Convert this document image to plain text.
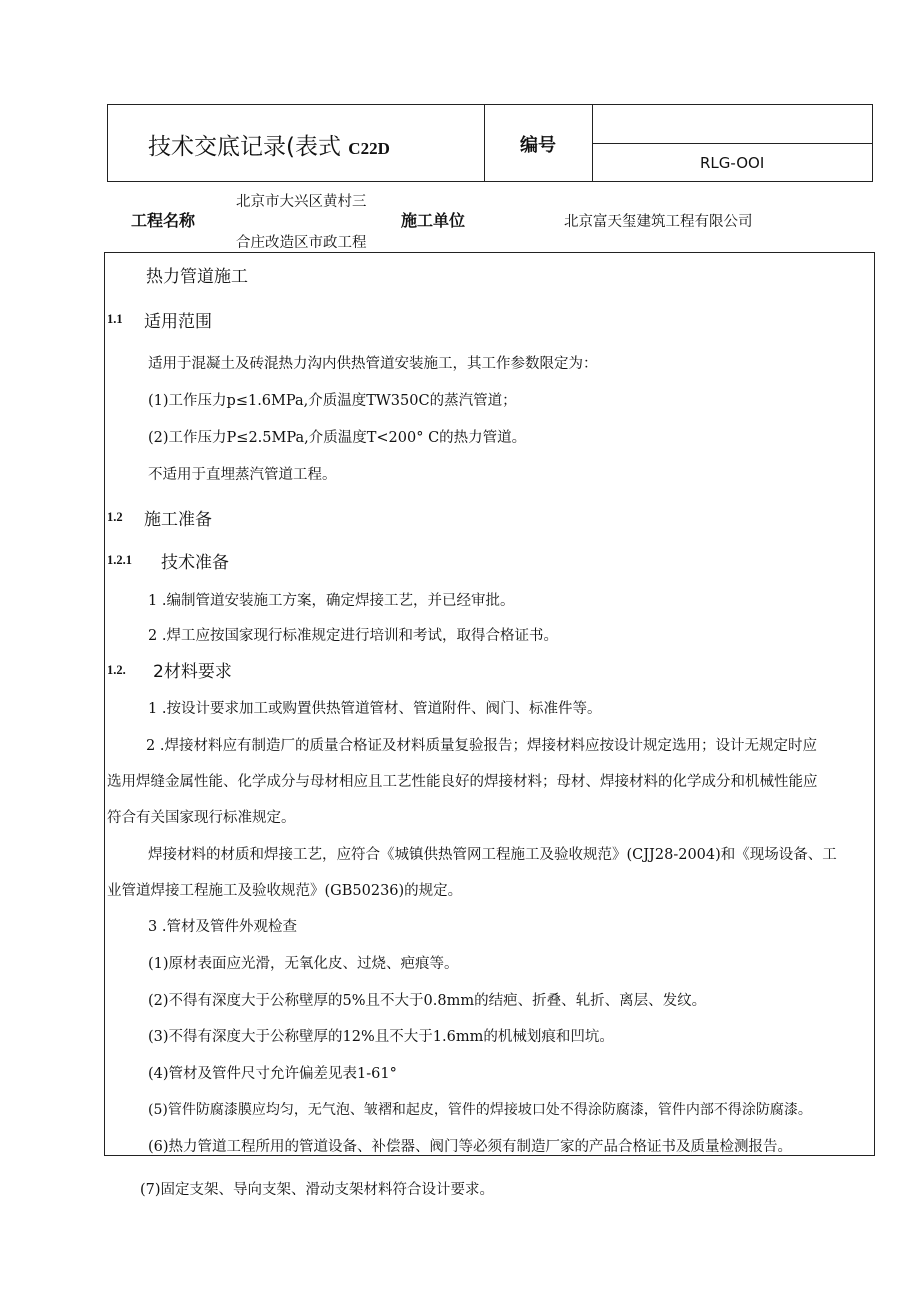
技术交底记录(表式 C22D	编号
RLG-OOI
工程名称
北京市大兴区黄村三
合庄改造区市政工程
施工单位	北京富天玺建筑工程有限公司
热力管道施工
1.1 适用范围
适用于混凝土及砖混热力沟内供热管道安装施工，其工作参数限定为：
(1)工作压力p≤1.6MPa,介质温度TW350C的蒸汽管道；
(2)工作压力P≤2.5MPa,介质温度T<200° C的热力管道。
不适用于直埋蒸汽管道工程。
1.2 施工准备
1.2.1 技术准备
1 .编制管道安装施工方案，确定焊接工艺，并已经审批。
2 .焊工应按国家现行标准规定进行培训和考试，取得合格证书。
1.2. 2材料要求
1 .按设计要求加工或购置供热管道管材、管道附件、阀门、标准件等。
2 .焊接材料应有制造厂的质量合格证及材料质量复验报告；焊接材料应按设计规定选用；设计无规定时应
选用焊缝金属性能、化学成分与母材相应且工艺性能良好的焊接材料；母材、焊接材料的化学成分和机械性能应
符合有关国家现行标准规定。
焊接材料的材质和焊接工艺，应符合《城镇供热管网工程施工及验收规范》(CJJ28-2004)和《现场设备、工
业管道焊接工程施工及验收规范》(GB50236)的规定。
3 .管材及管件外观检查
(1)原材表面应光滑，无氧化皮、过烧、疤痕等。
(2)不得有深度大于公称壁厚的5%且不大于0.8mm的结疤、折叠、轧折、离层、发纹。
(3)不得有深度大于公称壁厚的12%且不大于1.6mm的机械划痕和凹坑。
(4)管材及管件尺寸允许偏差见表1-61°
(5)管件防腐漆膜应均匀，无气泡、皱褶和起皮，管件的焊接坡口处不得涂防腐漆，管件内部不得涂防腐漆。
(6)热力管道工程所用的管道设备、补偿器、阀门等必须有制造厂家的产品合格证书及质量检测报告。
(7)固定支架、导向支架、滑动支架材料符合设计要求。
